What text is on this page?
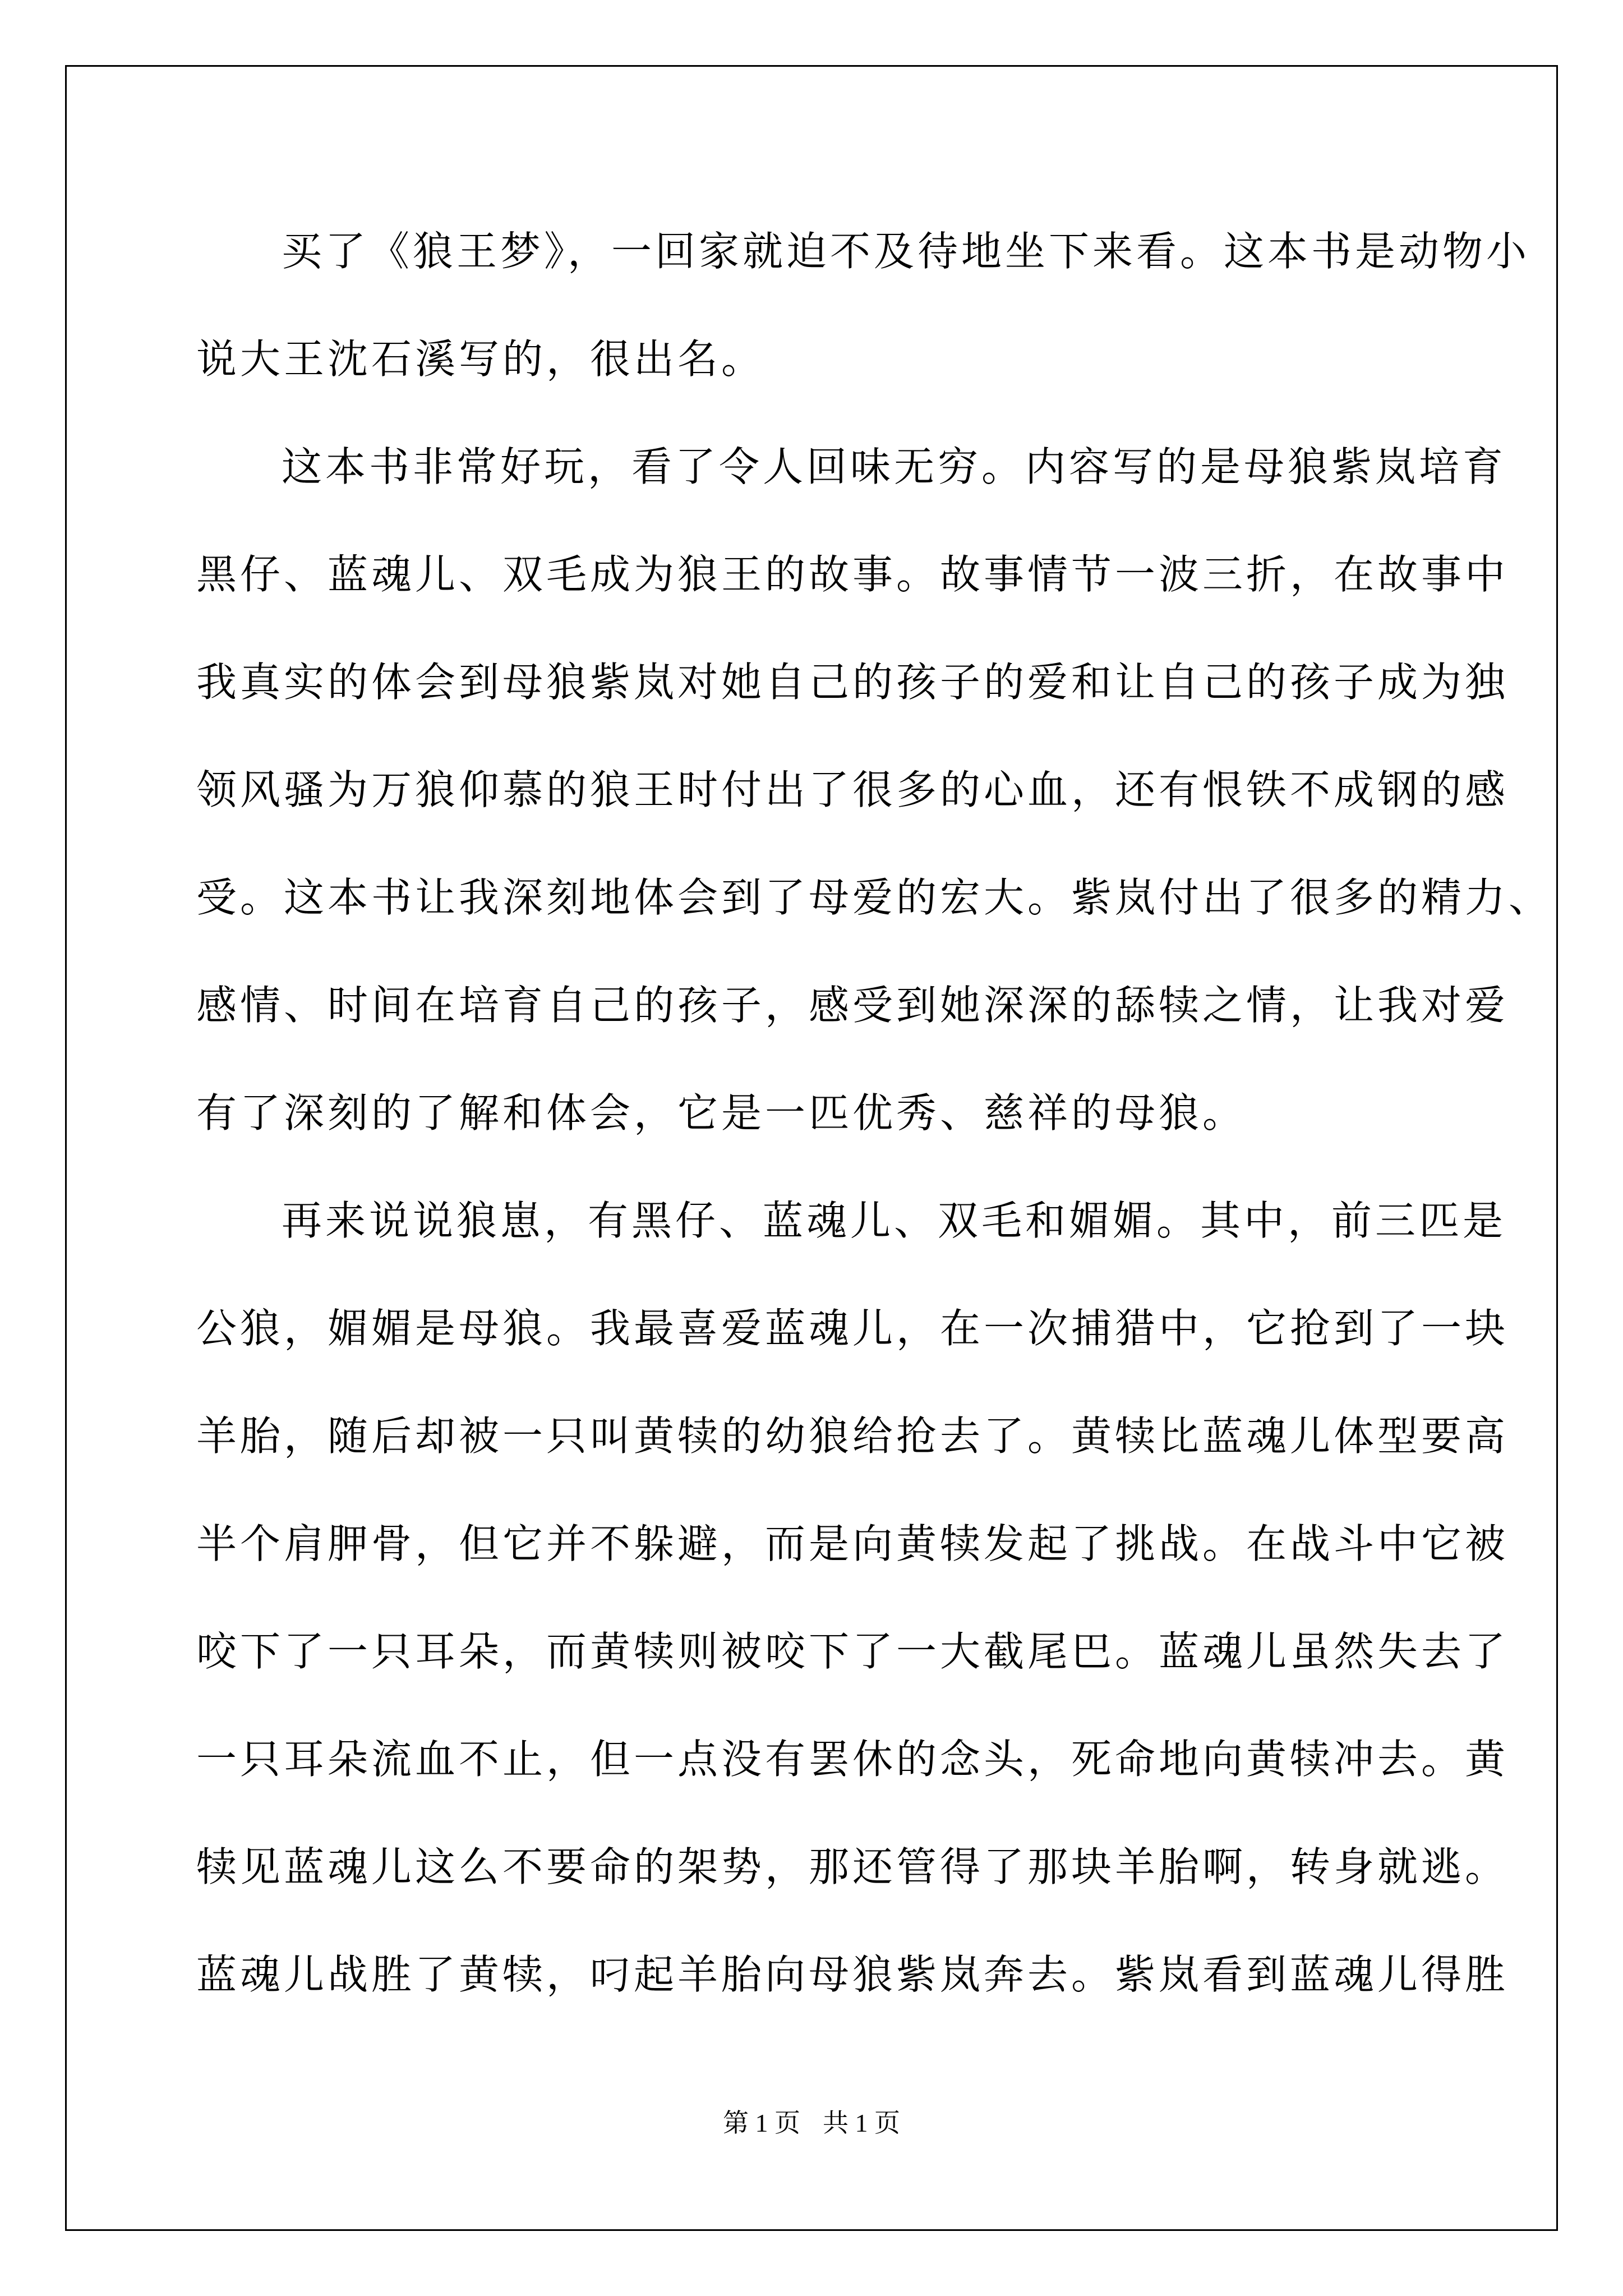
买了《狼王梦》，一回家就迫不及待地坐下来看。这本书是动物小
说大王沈石溪写的，很出名。
这本书非常好玩，看了令人回味无穷。内容写的是母狼紫岚培育
黑仔、蓝魂儿、双毛成为狼王的故事。故事情节一波三折，在故事中
我真实的体会到母狼紫岚对她自己的孩子的爱和让自己的孩子成为独
领风骚为万狼仰慕的狼王时付出了很多的心血，还有恨铁不成钢的感
受。这本书让我深刻地体会到了母爱的宏大。紫岚付出了很多的精力、
感情、时间在培育自己的孩子，感受到她深深的舔犊之情，让我对爱
有了深刻的了解和体会，它是一匹优秀、慈祥的母狼。
再来说说狼崽，有黑仔、蓝魂儿、双毛和媚媚。其中，前三匹是
公狼，媚媚是母狼。我最喜爱蓝魂儿，在一次捕猎中，它抢到了一块
羊胎，随后却被一只叫黄犊的幼狼给抢去了。黄犊比蓝魂儿体型要高
半个肩胛骨，但它并不躲避，而是向黄犊发起了挑战。在战斗中它被
咬下了一只耳朵，而黄犊则被咬下了一大截尾巴。蓝魂儿虽然失去了
一只耳朵流血不止，但一点没有罢休的念头，死命地向黄犊冲去。黄
犊见蓝魂儿这么不要命的架势，那还管得了那块羊胎啊，转身就逃。
蓝魂儿战胜了黄犊，叼起羊胎向母狼紫岚奔去。紫岚看到蓝魂儿得胜
第 1 页 共 1 页
